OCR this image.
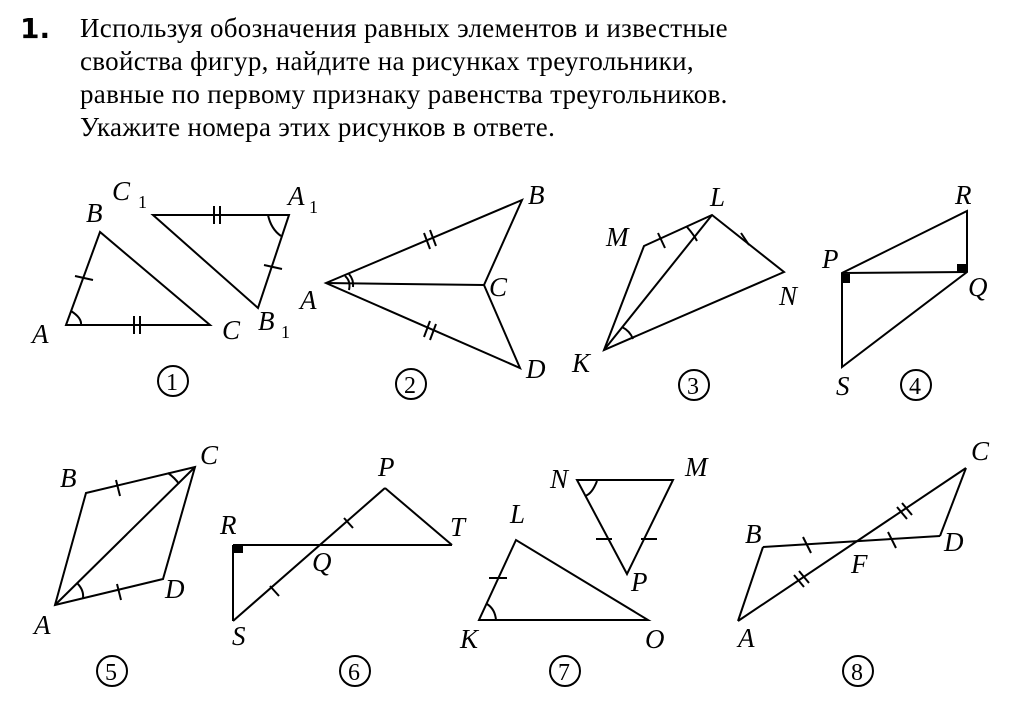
1. Используя обозначения равных элементов и известные
свойства фигур, найдите на рисунках треугольники,
равные по первому признаку равенства треугольников.
Укажите номера этих рисунков в ответе.
B
A	C
C 1	A 1
B 1
1
B
A	C
D
2
L
M
N
K
3
R
P
Q
S 4
B
C
D
A
5
P
R
Q
T
S
6
N	M
P
L
K	O
7
C
B	D
F
A
8
